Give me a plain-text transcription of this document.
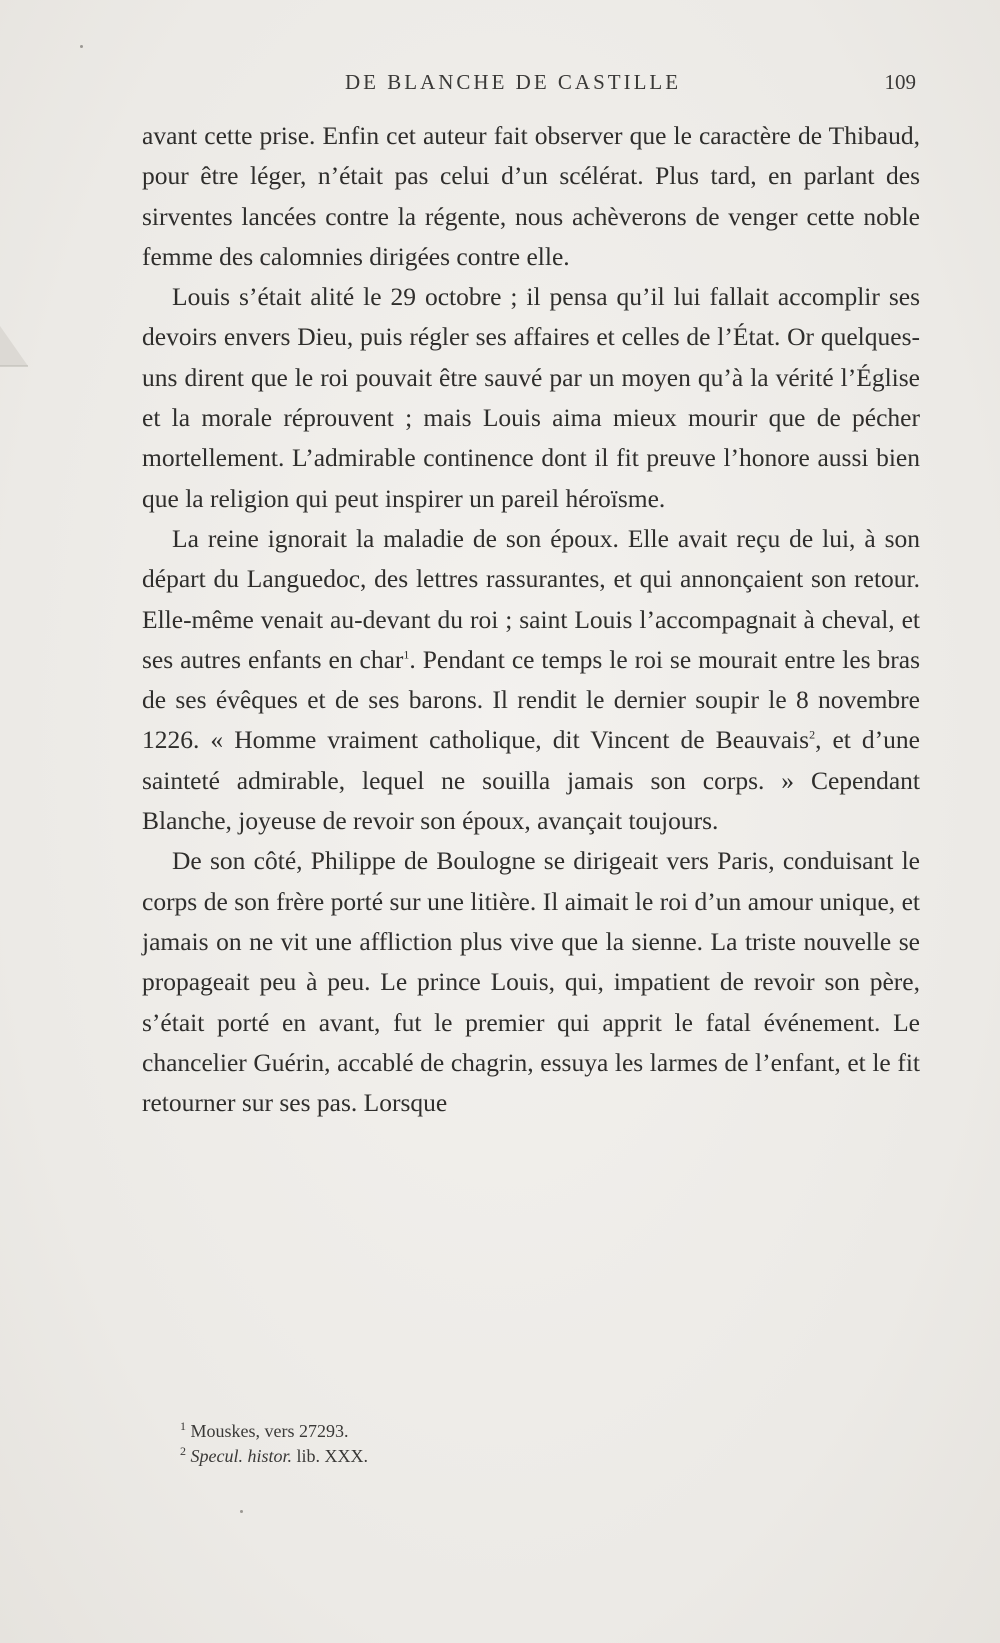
DE BLANCHE DE CASTILLE	109

avant cette prise. Enfin cet auteur fait observer que le caractère de Thibaud, pour être léger, n’était pas celui d’un scélérat. Plus tard, en parlant des sirventes lancées contre la régente, nous achèverons de venger cette noble femme des calomnies dirigées contre elle.

Louis s’était alité le 29 octobre ; il pensa qu’il lui fallait accomplir ses devoirs envers Dieu, puis régler ses affaires et celles de l’État. Or quelques-uns dirent que le roi pouvait être sauvé par un moyen qu’à la vérité l’Église et la morale réprouvent ; mais Louis aima mieux mourir que de pécher mortellement. L’admirable continence dont il fit preuve l’honore aussi bien que la religion qui peut inspirer un pareil héroïsme.

La reine ignorait la maladie de son époux. Elle avait reçu de lui, à son départ du Languedoc, des lettres rassurantes, et qui annonçaient son retour. Elle-même venait au-devant du roi ; saint Louis l’accompagnait à cheval, et ses autres enfants en char$^1$. Pendant ce temps le roi se mourait entre les bras de ses évêques et de ses barons. Il rendit le dernier soupir le 8 novembre 1226. « Homme vraiment catholique, dit Vincent de Beauvais$^2$, et d’une sainteté admirable, lequel ne souilla jamais son corps. » Cependant Blanche, joyeuse de revoir son époux, avançait toujours.

De son côté, Philippe de Boulogne se dirigeait vers Paris, conduisant le corps de son frère porté sur une litière. Il aimait le roi d’un amour unique, et jamais on ne vit une affliction plus vive que la sienne. La triste nouvelle se propageait peu à peu. Le prince Louis, qui, impatient de revoir son père, s’était porté en avant, fut le premier qui apprit le fatal événement. Le chancelier Guérin, accablé de chagrin, essuya les larmes de l’enfant, et le fit retourner sur ses pas. Lorsque

$^1$ Mouskes, vers 27293.
$^2$ Specul. histor. lib. XXX.
